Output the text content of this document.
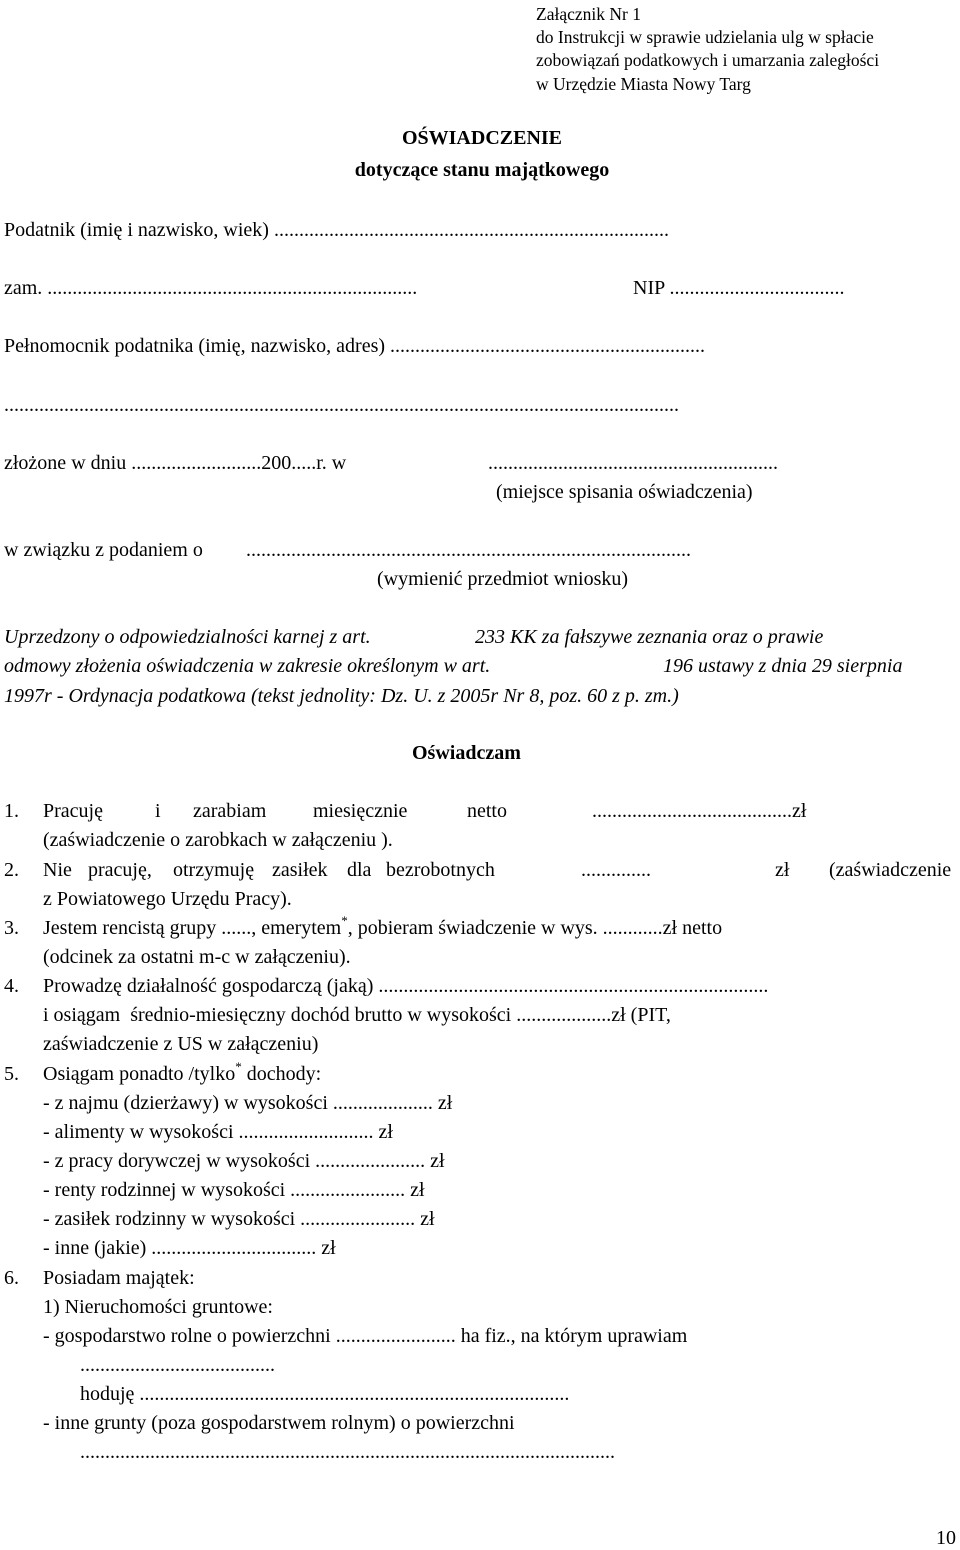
Załącznik Nr 1
do Instrukcji w sprawie udzielania ulg w spłacie
zobowiązań podatkowych i umarzania zaległości
w Urzędzie Miasta Nowy Targ
OŚWIADCZENIE
dotyczące stanu majątkowego
Podatnik (imię i nazwisko, wiek) ...............................................................................
zam. ..........................................................................	NIP ...................................
Pełnomocnik podatnika (imię, nazwisko, adres) ...............................................................
.......................................................................................................................................
złożone w dniu ..........................200.....r. w	..........................................................
(miejsce spisania oświadczenia)
w związku z podaniem o .........................................................................................
(wymienić przedmiot wniosku)
Uprzedzony o odpowiedzialności karnej z art.	233 KK za fałszywe zeznania oraz o prawie
odmowy złożenia oświadczenia w zakresie określonym w art.	196 ustawy z dnia 29 sierpnia
1997r - Ordynacja podatkowa (tekst jednolity: Dz. U. z 2005r Nr 8, poz. 60 z p. zm.)
Oświadczam
1. Pracuję	i zarabiam miesięcznie	netto	........................................zł
(zaświadczenie o zarobkach w załączeniu ).
2. Nie pracuję, otrzymuję zasiłek dla bezrobotnych	..............	zł (zaświadczenie
z Powiatowego Urzędu Pracy).
3. Jestem rencistą grupy ......, emerytem*, pobieram świadczenie w wys. ............zł netto
(odcinek za ostatni m-c w załączeniu).
4. Prowadzę działalność gospodarczą (jaką) ..............................................................................
i osiągam  średnio-miesięczny dochód brutto w wysokości ...................zł (PIT,
zaświadczenie z US w załączeniu)
5. Osiągam ponadto /tylko* dochody:
- z najmu (dzierżawy) w wysokości .................... zł
- alimenty w wysokości ........................... zł
- z pracy dorywczej w wysokości ...................... zł
- renty rodzinnej w wysokości ....................... zł
- zasiłek rodzinny w wysokości ....................... zł
- inne (jakie) ................................. zł
6. Posiadam majątek:
1) Nieruchomości gruntowe:
- gospodarstwo rolne o powierzchni ........................ ha fiz., na którym uprawiam
.......................................
hoduję ......................................................................................
- inne grunty (poza gospodarstwem rolnym) o powierzchni
...........................................................................................................
10
